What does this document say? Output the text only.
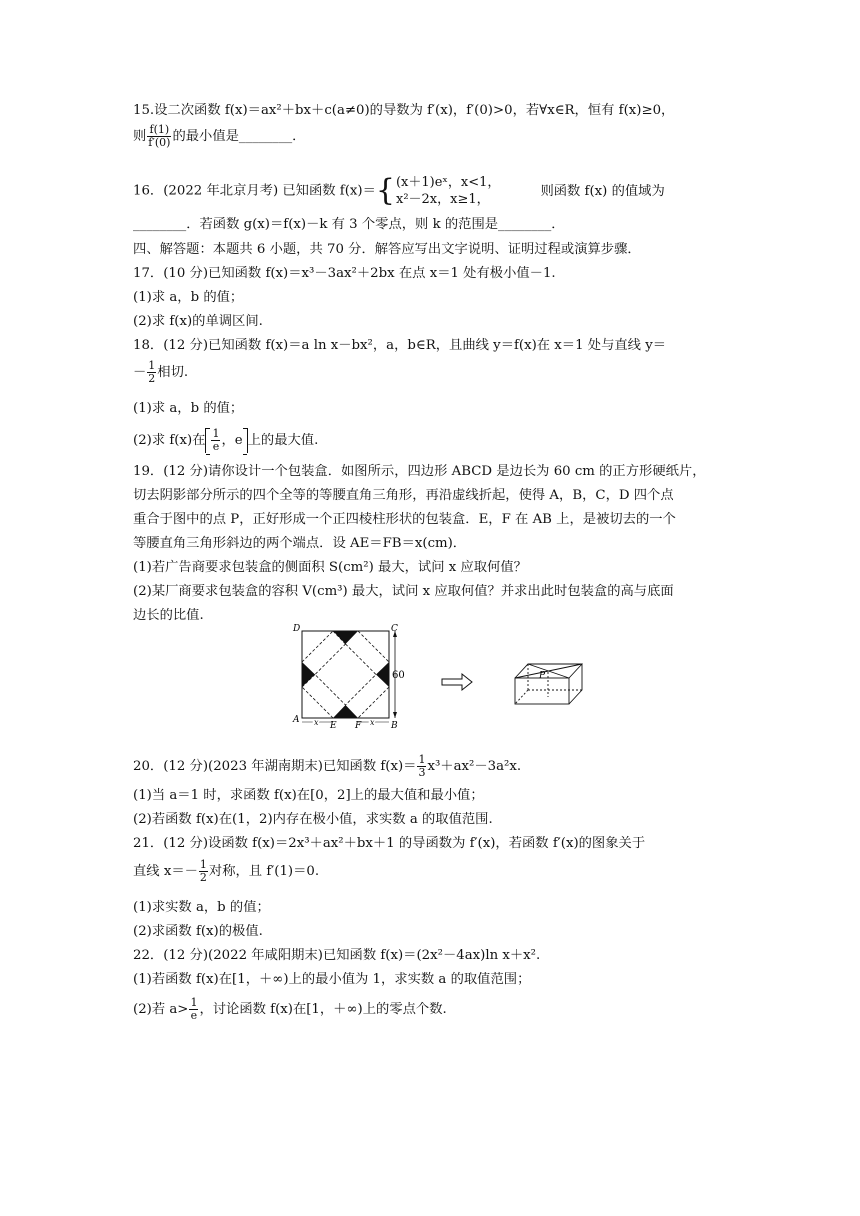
15.设二次函数 f(x)＝ax²＋bx＋c(a≠0)的导数为 f′(x)，f′(0)>0，若∀x∈R，恒有 f(x)≥0，
则 $\frac{f(1)}{f'(0)}$ 的最小值是________．
16．(2022 年北京月考) 已知函数 f(x)＝{ (x＋1)eˣ，x<1，
x²－2x，x≥1，
则函数 f(x) 的值域为
________．若函数 g(x)＝f(x)－k 有 3 个零点，则 k 的范围是________．
四、解答题：本题共 6 小题，共 70 分．解答应写出文字说明、证明过程或演算步骤．
17．(10 分)已知函数 f(x)＝x³－3ax²＋2bx 在点 x＝1 处有极小值－1.
(1)求 a，b 的值；
(2)求 f(x)的单调区间.
18．(12 分)已知函数 f(x)＝a ln x－bx²，a，b∈R，且曲线 y＝f(x)在 x＝1 处与直线 y＝
－ $\frac{1}{2}$ 相切.
(1)求 a，b 的值；
(2)求 f(x)在 $\frac{1}{e}$ ，e 上的最大值.
19．(12 分)请你设计一个包装盒．如图所示，四边形 ABCD 是边长为 60 cm 的正方形硬纸片，
切去阴影部分所示的四个全等的等腰直角三角形，再沿虚线折起，使得 A，B，C，D 四个点
重合于图中的点 P，正好形成一个正四棱柱形状的包装盒．E，F 在 AB 上，是被切去的一个
等腰直角三角形斜边的两个端点．设 AE＝FB＝x(cm)．
(1)若广告商要求包装盒的侧面积 S(cm²) 最大，试问 x 应取何值？
(2)某厂商要求包装盒的容积 V(cm³) 最大，试问 x 应取何值？并求出此时包装盒的高与底面
边长的比值.
20．(12 分)(2023 年湖南期末)已知函数 $f(x)= \frac{1}{3} x^3+ax^2-3a^2x$.
(1)当 a＝1 时，求函数 f(x)在[0，2]上的最大值和最小值；
(2)若函数 f(x)在(1，2)内存在极小值，求实数 a 的取值范围.
21．(12 分)设函数 f(x)＝2x³＋ax²＋bx＋1 的导函数为 f′(x)，若函数 f′(x)的图象关于
直线 $x=- \frac{1}{2}$ 对称，且 f′(1)＝0.
(1)求实数 a，b 的值；
(2)求函数 f(x)的极值.
22．(12 分)(2022 年咸阳期末)已知函数 f(x)＝(2x²－4ax)ln x＋x².
(1)若函数 f(x)在[1，＋∞)上的最小值为 1，求实数 a 的取值范围；
(2)若 $a> \frac{1}{e}$ ，讨论函数 f(x)在[1，＋∞)上的零点个数.
60
D	C
A
B
E F
x	x
P
